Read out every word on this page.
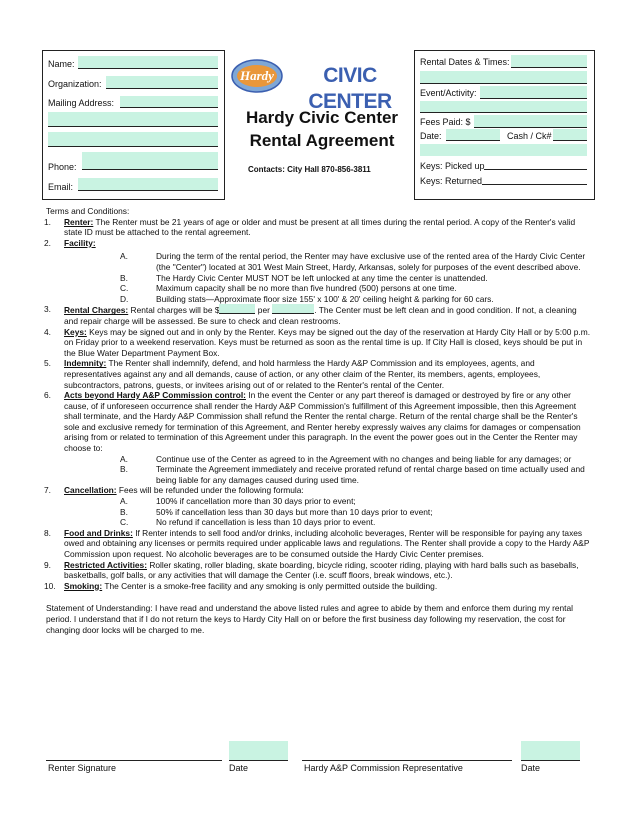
Name:
Organization:
Mailing Address:
Phone:
Email:
Hardy	CIVIC CENTER
Hardy Civic Center
Rental Agreement
Contacts: City Hall 870-856-3811
Rental Dates & Times:
Event/Activity:
Fees Paid: $
Date:	Cash / Ck#
Keys: Picked up
Keys: Returned
Terms and Conditions:
1.	Renter: The Renter must be 21 years of age or older and must be present at all times during the rental period. A copy of the Renter's valid state ID must be attached to the rental agreement.
2.	Facility:
A.	During the term of the rental period, the Renter may have exclusive use of the rented area of the Hardy Civic Center (the "Center") located at 301 West Main Street, Hardy, Arkansas, solely for purposes of the event described above.
B.	The Hardy Civic Center MUST NOT be left unlocked at any time the center is unattended.
C.	Maximum capacity shall be no more than five hundred (500) persons at one time.
D.	Building stats—Approximate floor size 155' x 100' & 20' ceiling height & parking for 60 cars.
3.	Rental Charges: Rental charges will be $	per	. The Center must be left clean and in good condition. If not, a cleaning and repair charge will be assessed. Be sure to check and clean restrooms.
4.	Keys: Keys may be signed out and in only by the Renter. Keys may be signed out the day of the reservation at Hardy City Hall or by 5:00 p.m. on Friday prior to a weekend reservation. Keys must be returned as soon as the rental time is up. If City Hall is closed, keys should be put in the Blue Water Department Payment Box.
5.	Indemnity: The Renter shall indemnify, defend, and hold harmless the Hardy A&P Commission and its employees, agents, and representatives against any and all demands, cause of action, or any other claim of the Renter, its members, agents, employees, subcontractors, patrons, guests, or invitees arising out of or related to the Renter's rental of the Center.
6.	Acts beyond Hardy A&P Commission control: In the event the Center or any part thereof is damaged or destroyed by fire or any other cause, of if unforeseen occurrence shall render the Hardy A&P Commission's fulfillment of this Agreement impossible, then this Agreement shall terminate, and the Hardy A&P Commission shall refund the Renter the rental charge. Return of the rental charge shall be the Renter's sole and exclusive remedy for termination of this Agreement, and Renter hereby expressly waives any claims for damages or compensation arising from or related to termination of this Agreement under this paragraph. In the event the power goes out in the Center the Renter may choose to:
A.	Continue use of the Center as agreed to in the Agreement with no changes and being liable for any damages; or
B.	Terminate the Agreement immediately and receive prorated refund of rental charge based on time actually used and being liable for any damages caused during used time.
7.	Cancellation: Fees will be refunded under the following formula:
A.	100% if cancellation more than 30 days prior to event;
B.	50% if cancellation less than 30 days but more than 10 days prior to event;
C.	No refund if cancellation is less than 10 days prior to event.
8.	Food and Drinks: If Renter intends to sell food and/or drinks, including alcoholic beverages, Renter will be responsible for paying any taxes owed and obtaining any licenses or permits required under applicable laws and regulations. The Renter shall provide a copy to the Hardy A&P Commission upon request. No alcoholic beverages are to be consumed outside the Hardy Civic Center premises.
9.	Restricted Activities: Roller skating, roller blading, skate boarding, bicycle riding, scooter riding, playing with hard balls such as baseballs, basketballs, golf balls, or any activities that will damage the Center (i.e. scuff floors, break windows, etc.).
10. Smoking: The Center is a smoke-free facility and any smoking is only permitted outside the building.
Statement of Understanding: I have read and understand the above listed rules and agree to abide by them and enforce them during my rental period. I understand that if I do not return the keys to Hardy City Hall on or before the first business day following my reservation, the cost for changing door locks will be charged to me.
Renter Signature	Date	Hardy A&P Commission Representative	Date
